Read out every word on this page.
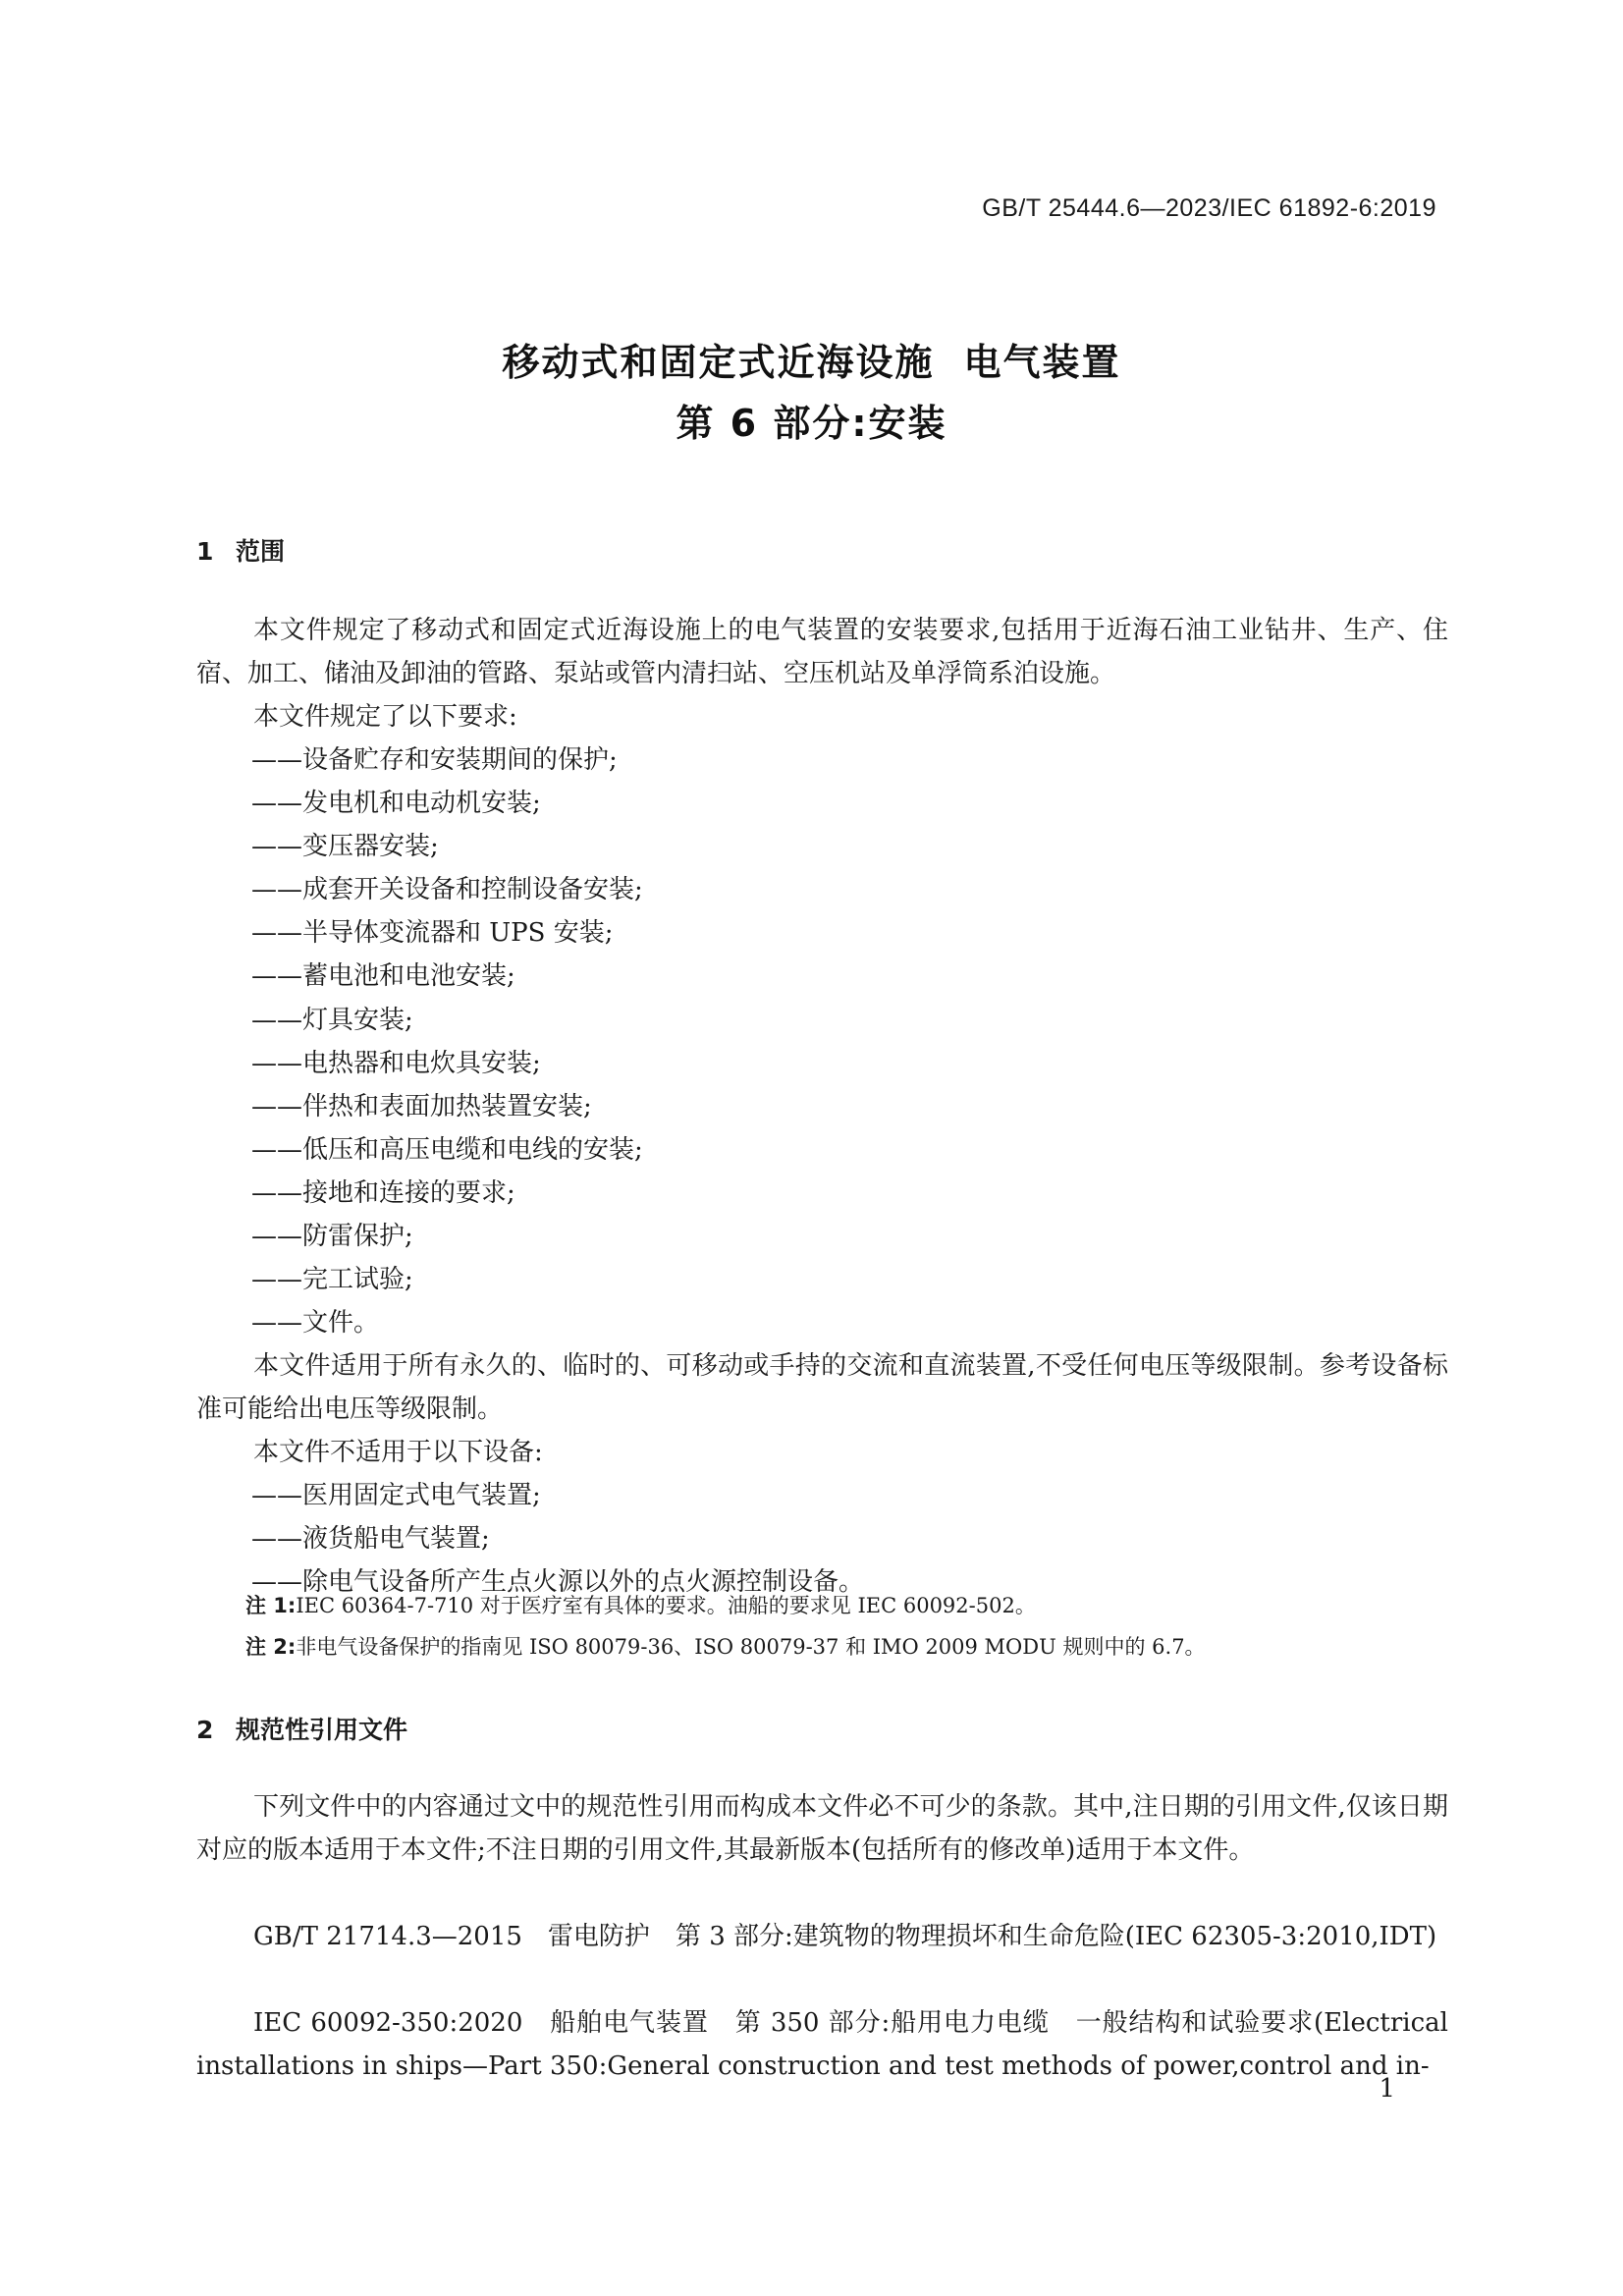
GB/T 25444.6—2023/IEC 61892-6:2019
移动式和固定式近海设施 电气装置
第 6 部分:安装
1 范围
本文件规定了移动式和固定式近海设施上的电气装置的安装要求,包括用于近海石油工业钻井、生产、住宿、加工、储油及卸油的管路、泵站或管内清扫站、空压机站及单浮筒系泊设施。
本文件规定了以下要求:
——设备贮存和安装期间的保护;
——发电机和电动机安装;
——变压器安装;
——成套开关设备和控制设备安装;
——半导体变流器和 UPS 安装;
——蓄电池和电池安装;
——灯具安装;
——电热器和电炊具安装;
——伴热和表面加热装置安装;
——低压和高压电缆和电线的安装;
——接地和连接的要求;
——防雷保护;
——完工试验;
——文件。
本文件适用于所有永久的、临时的、可移动或手持的交流和直流装置,不受任何电压等级限制。参考设备标准可能给出电压等级限制。
本文件不适用于以下设备:
——医用固定式电气装置;
——液货船电气装置;
——除电气设备所产生点火源以外的点火源控制设备。
注 1:IEC 60364-7-710 对于医疗室有具体的要求。油船的要求见 IEC 60092-502。
注 2:非电气设备保护的指南见 ISO 80079-36、ISO 80079-37 和 IMO 2009 MODU 规则中的 6.7。
2 规范性引用文件
下列文件中的内容通过文中的规范性引用而构成本文件必不可少的条款。其中,注日期的引用文件,仅该日期对应的版本适用于本文件;不注日期的引用文件,其最新版本(包括所有的修改单)适用于本文件。
GB/T 21714.3—2015　雷电防护　第 3 部分:建筑物的物理损坏和生命危险(IEC 62305-3:2010,IDT)
IEC 60092-350:2020　船舶电气装置　第 350 部分:船用电力电缆　一般结构和试验要求(Electrical installations in ships—Part 350:General construction and test methods of power,control and in-
1
